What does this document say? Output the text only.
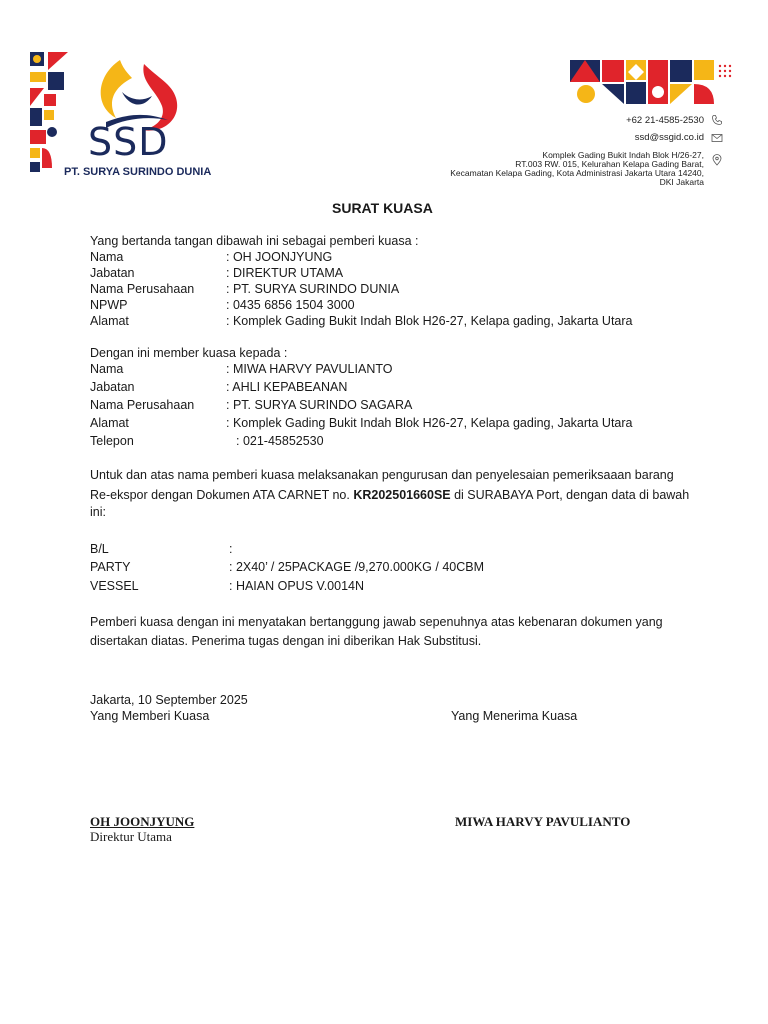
SSD
PT. SURYA SURINDO DUNIA
+62 21-4585-2530
ssd@ssgid.co.id
Komplek Gading Bukit Indah Blok H/26-27,
RT.003 RW. 015, Kelurahan Kelapa Gading Barat,
Kecamatan Kelapa Gading, Kota Administrasi Jakarta Utara 14240,
DKI Jakarta
SURAT KUASA
Yang bertanda tangan dibawah ini sebagai pemberi kuasa :
Nama	: OH JOONJYUNG
Jabatan	: DIREKTUR UTAMA
Nama Perusahaan	: PT. SURYA SURINDO DUNIA
NPWP	: 0435 6856 1504 3000
Alamat	: Komplek Gading Bukit Indah Blok H26-27, Kelapa gading, Jakarta Utara
Dengan ini member kuasa kepada :
Nama	: MIWA HARVY PAVULIANTO
Jabatan	: AHLI KEPABEANAN
Nama Perusahaan	: PT. SURYA SURINDO SAGARA
Alamat	: Komplek Gading Bukit Indah Blok H26-27, Kelapa gading, Jakarta Utara
Telepon	: 021-45852530
Untuk dan atas nama pemberi kuasa melaksanakan pengurusan dan penyelesaian pemeriksaaan barang
Re-ekspor dengan Dokumen ATA CARNET no. KR202501660SE di SURABAYA Port, dengan data di bawah
ini:
B/L	:
PARTY	: 2X40’ / 25PACKAGE /9,270.000KG / 40CBM
VESSEL	: HAIAN OPUS V.0014N
Pemberi kuasa dengan ini menyatakan bertanggung jawab sepenuhnya atas kebenaran dokumen yang
disertakan diatas. Penerima tugas dengan ini diberikan Hak Substitusi.
Jakarta, 10 September 2025
Yang Memberi Kuasa	Yang Menerima Kuasa
OH JOONJYUNG
Direktur Utama
MIWA HARVY PAVULIANTO
